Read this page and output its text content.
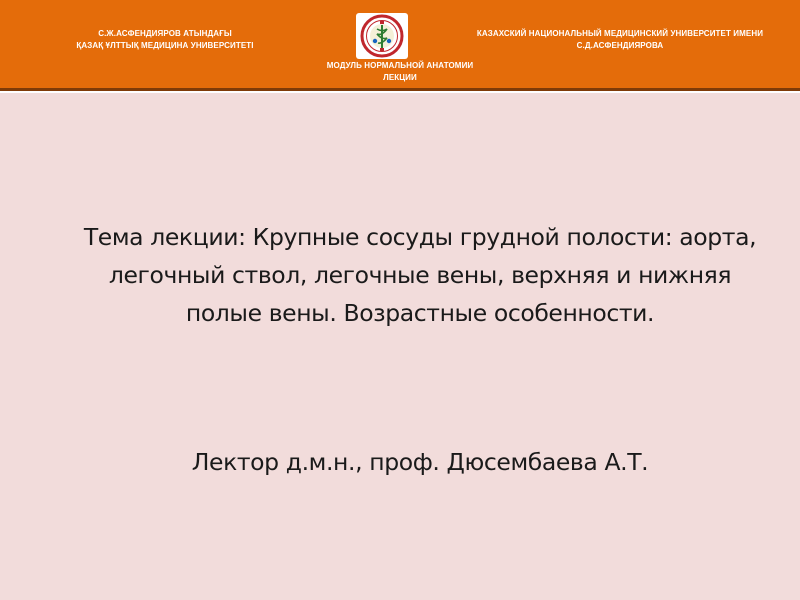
С.Ж.АСФЕНДИЯРОВ АТЫНДАҒЫ
ҚАЗАҚ ҰЛТТЫҚ МЕДИЦИНА УНИВЕРСИТЕТІ
КАЗАХСКИЙ НАЦИОНАЛЬНЫЙ МЕДИЦИНСКИЙ УНИВЕРСИТЕТ ИМЕНИ
С.Д.АСФЕНДИЯРОВА
МОДУЛЬ НОРМАЛЬНОЙ АНАТОМИИ
ЛЕКЦИИ
Тема лекции: Крупные сосуды грудной полости: аорта,
легочный ствол, легочные вены, верхняя и нижняя
полые вены. Возрастные особенности.
Лектор д.м.н., проф. Дюсембаева А.Т.
